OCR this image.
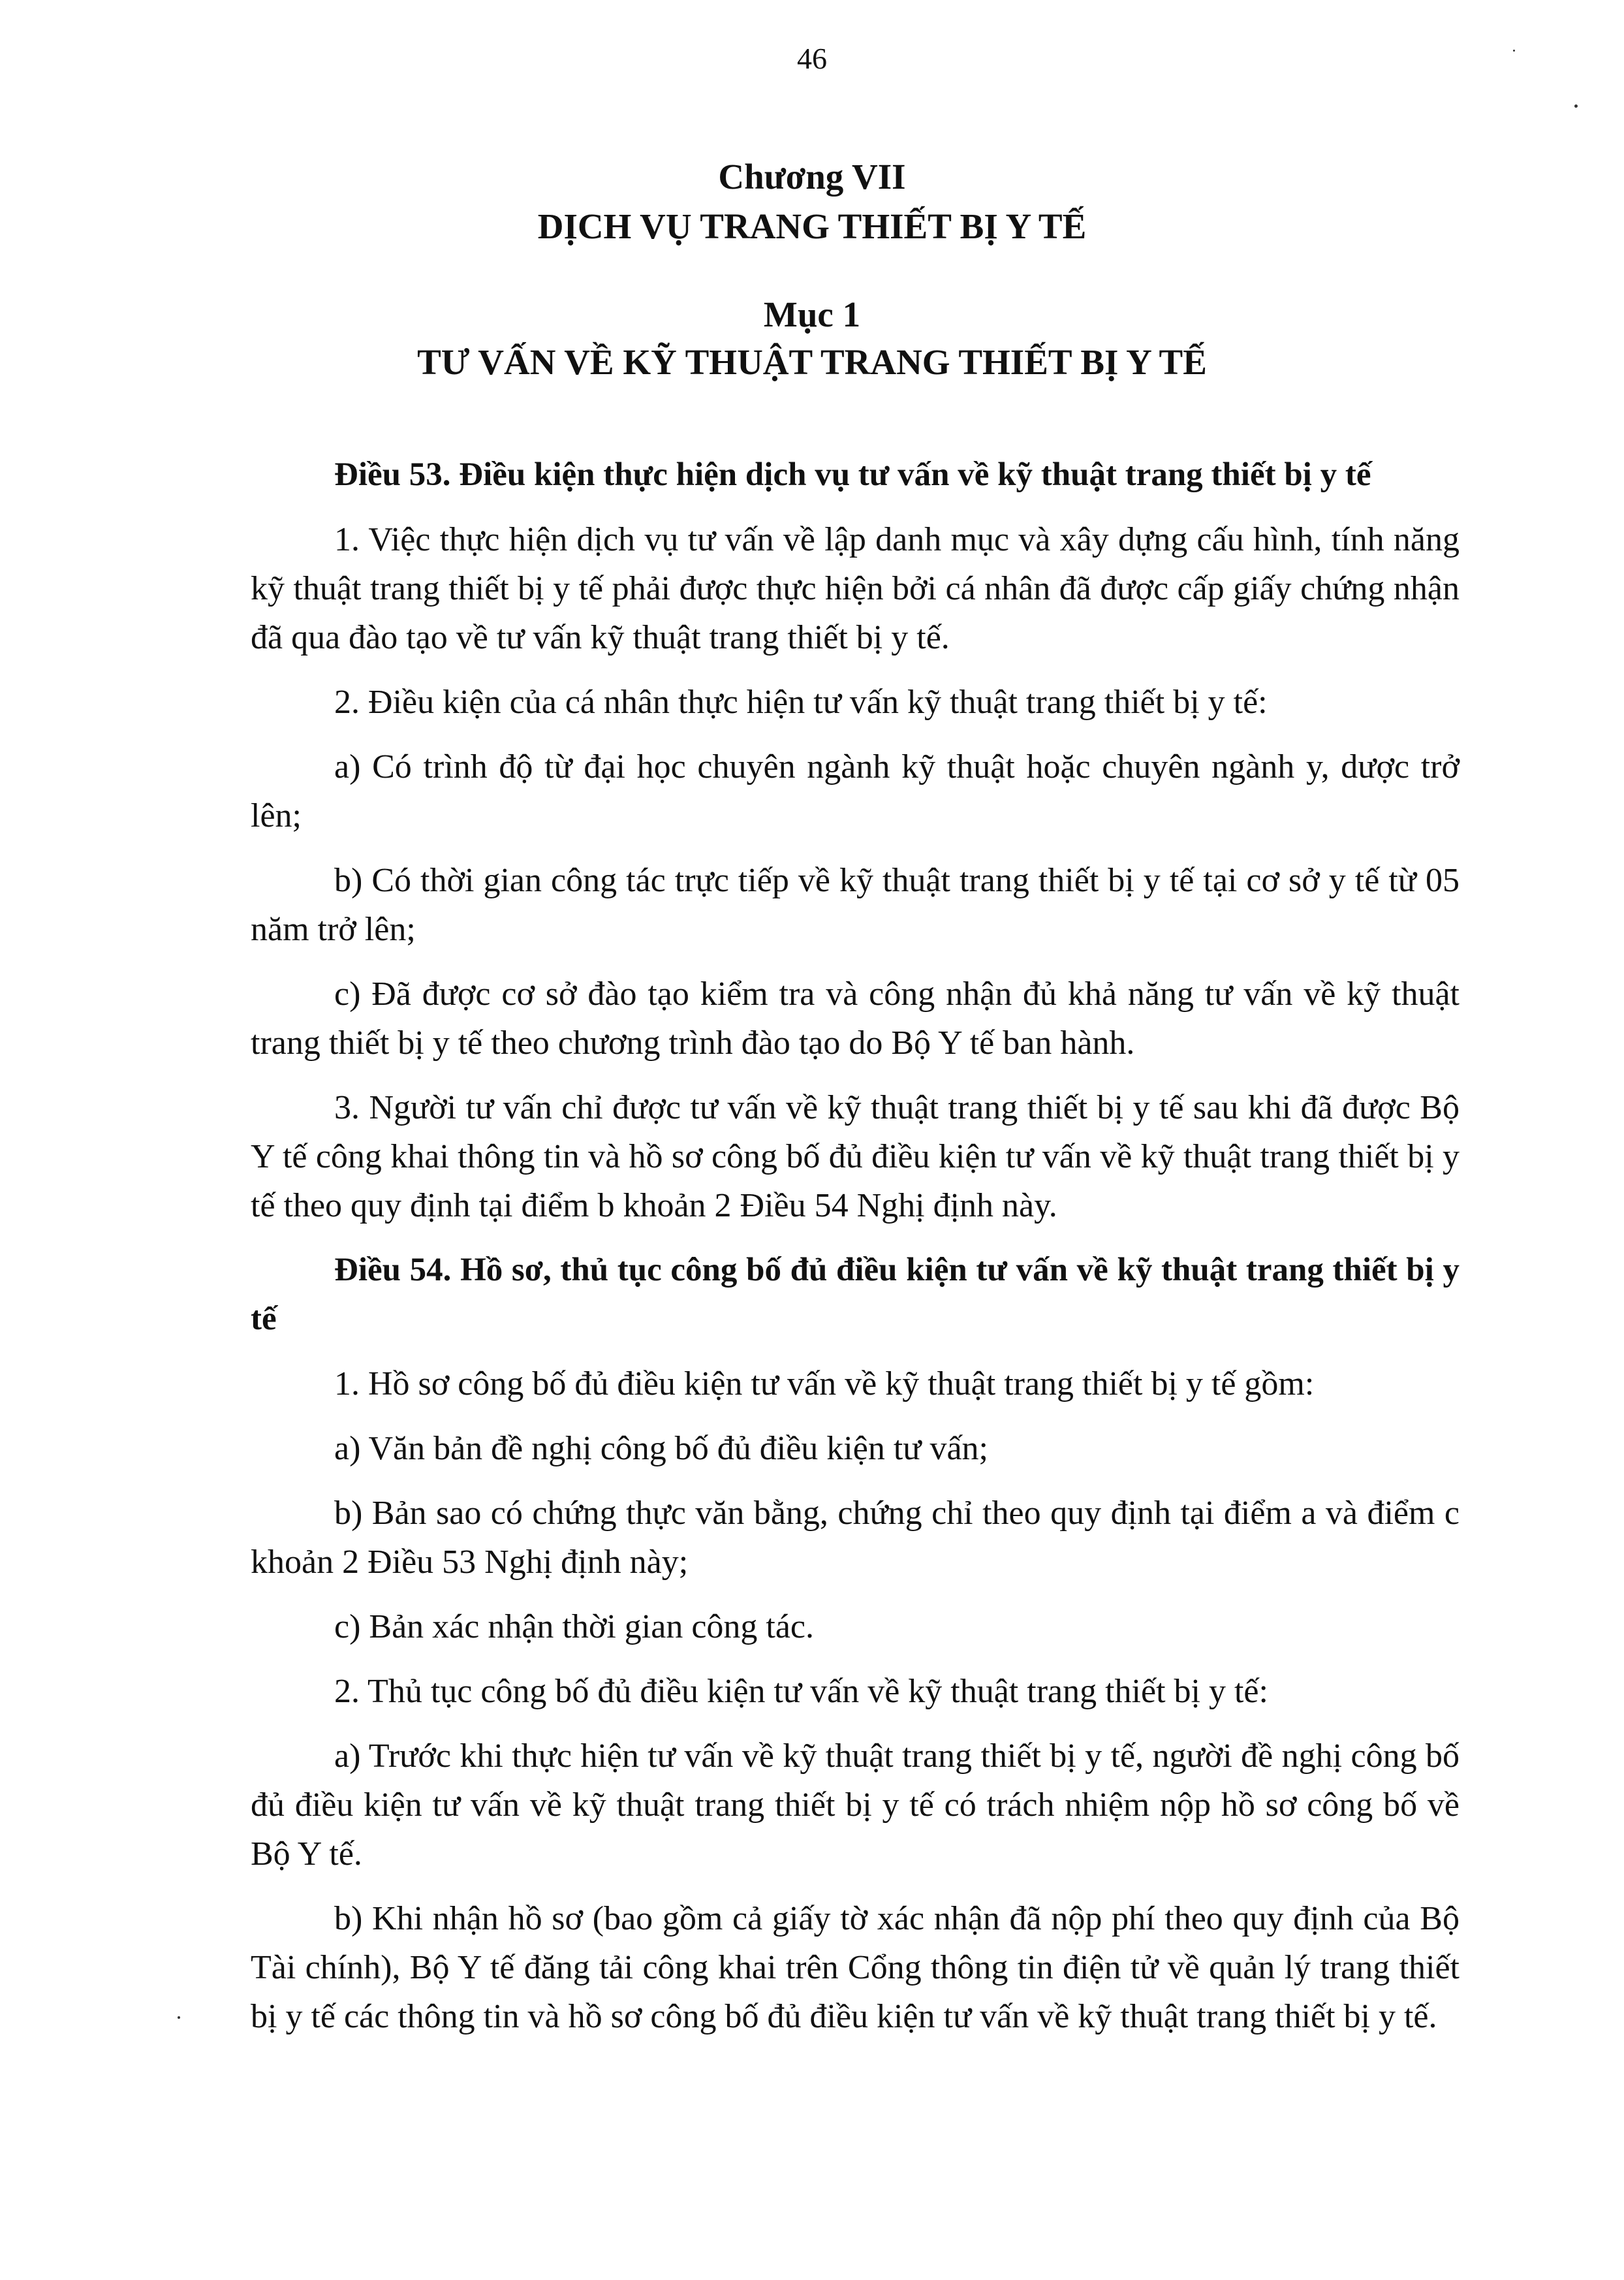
46
Chương VII
DỊCH VỤ TRANG THIẾT BỊ Y TẾ
Mục 1
TƯ VẤN VỀ KỸ THUẬT TRANG THIẾT BỊ Y TẾ

Điều 53. Điều kiện thực hiện dịch vụ tư vấn về kỹ thuật trang thiết bị y tế

1. Việc thực hiện dịch vụ tư vấn về lập danh mục và xây dựng cấu hình, tính năng kỹ thuật trang thiết bị y tế phải được thực hiện bởi cá nhân đã được cấp giấy chứng nhận đã qua đào tạo về tư vấn kỹ thuật trang thiết bị y tế.

2. Điều kiện của cá nhân thực hiện tư vấn kỹ thuật trang thiết bị y tế:

a) Có trình độ từ đại học chuyên ngành kỹ thuật hoặc chuyên ngành y, dược trở lên;

b) Có thời gian công tác trực tiếp về kỹ thuật trang thiết bị y tế tại cơ sở y tế từ 05 năm trở lên;

c) Đã được cơ sở đào tạo kiểm tra và công nhận đủ khả năng tư vấn về kỹ thuật trang thiết bị y tế theo chương trình đào tạo do Bộ Y tế ban hành.

3. Người tư vấn chỉ được tư vấn về kỹ thuật trang thiết bị y tế sau khi đã được Bộ Y tế công khai thông tin và hồ sơ công bố đủ điều kiện tư vấn về kỹ thuật trang thiết bị y tế theo quy định tại điểm b khoản 2 Điều 54 Nghị định này.

Điều 54. Hồ sơ, thủ tục công bố đủ điều kiện tư vấn về kỹ thuật trang thiết bị y tế

1. Hồ sơ công bố đủ điều kiện tư vấn về kỹ thuật trang thiết bị y tế gồm:

a) Văn bản đề nghị công bố đủ điều kiện tư vấn;

b) Bản sao có chứng thực văn bằng, chứng chỉ theo quy định tại điểm a và điểm c khoản 2 Điều 53 Nghị định này;

c) Bản xác nhận thời gian công tác.

2. Thủ tục công bố đủ điều kiện tư vấn về kỹ thuật trang thiết bị y tế:

a) Trước khi thực hiện tư vấn về kỹ thuật trang thiết bị y tế, người đề nghị công bố đủ điều kiện tư vấn về kỹ thuật trang thiết bị y tế có trách nhiệm nộp hồ sơ công bố về Bộ Y tế.

b) Khi nhận hồ sơ (bao gồm cả giấy tờ xác nhận đã nộp phí theo quy định của Bộ Tài chính), Bộ Y tế đăng tải công khai trên Cổng thông tin điện tử về quản lý trang thiết bị y tế các thông tin và hồ sơ công bố đủ điều kiện tư vấn về kỹ thuật trang thiết bị y tế.
